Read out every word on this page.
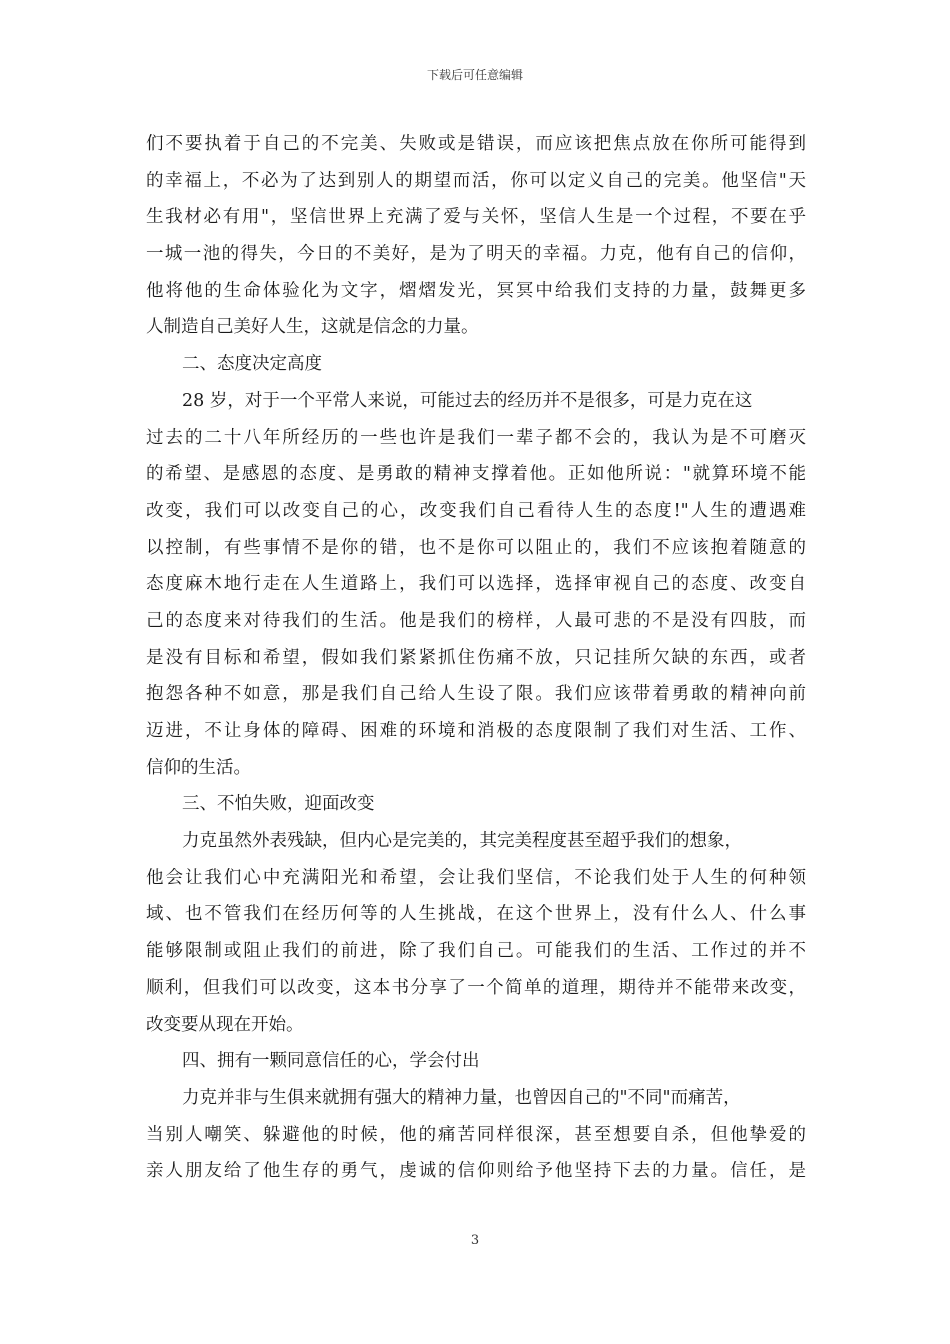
下载后可任意编辑
们不要执着于自己的不完美、失败或是错误，而应该把焦点放在你所可能得到
的幸福上，不必为了达到别人的期望而活，你可以定义自己的完美。他坚信"天
生我材必有用"，坚信世界上充满了爱与关怀，坚信人生是一个过程，不要在乎
一城一池的得失，今日的不美好，是为了明天的幸福。力克，他有自己的信仰，
他将他的生命体验化为文字，熠熠发光，冥冥中给我们支持的力量，鼓舞更多
人制造自己美好人生，这就是信念的力量。
二、态度决定高度
28 岁，对于一个平常人来说，可能过去的经历并不是很多，可是力克在这
过去的二十八年所经历的一些也许是我们一辈子都不会的，我认为是不可磨灭
的希望、是感恩的态度、是勇敢的精神支撑着他。正如他所说："就算环境不能
改变，我们可以改变自己的心，改变我们自己看待人生的态度!"人生的遭遇难
以控制，有些事情不是你的错，也不是你可以阻止的，我们不应该抱着随意的
态度麻木地行走在人生道路上，我们可以选择，选择审视自己的态度、改变自
己的态度来对待我们的生活。他是我们的榜样，人最可悲的不是没有四肢，而
是没有目标和希望，假如我们紧紧抓住伤痛不放，只记挂所欠缺的东西，或者
抱怨各种不如意，那是我们自己给人生设了限。我们应该带着勇敢的精神向前
迈进，不让身体的障碍、困难的环境和消极的态度限制了我们对生活、工作、
信仰的生活。
三、不怕失败，迎面改变
力克虽然外表残缺，但内心是完美的，其完美程度甚至超乎我们的想象，
他会让我们心中充满阳光和希望，会让我们坚信，不论我们处于人生的何种领
域、也不管我们在经历何等的人生挑战，在这个世界上，没有什么人、什么事
能够限制或阻止我们的前进，除了我们自己。可能我们的生活、工作过的并不
顺利，但我们可以改变，这本书分享了一个简单的道理，期待并不能带来改变，
改变要从现在开始。
四、拥有一颗同意信任的心，学会付出
力克并非与生俱来就拥有强大的精神力量，也曾因自己的"不同"而痛苦，
当别人嘲笑、躲避他的时候，他的痛苦同样很深，甚至想要自杀，但他挚爱的
亲人朋友给了他生存的勇气，虔诚的信仰则给予他坚持下去的力量。信任，是
3
